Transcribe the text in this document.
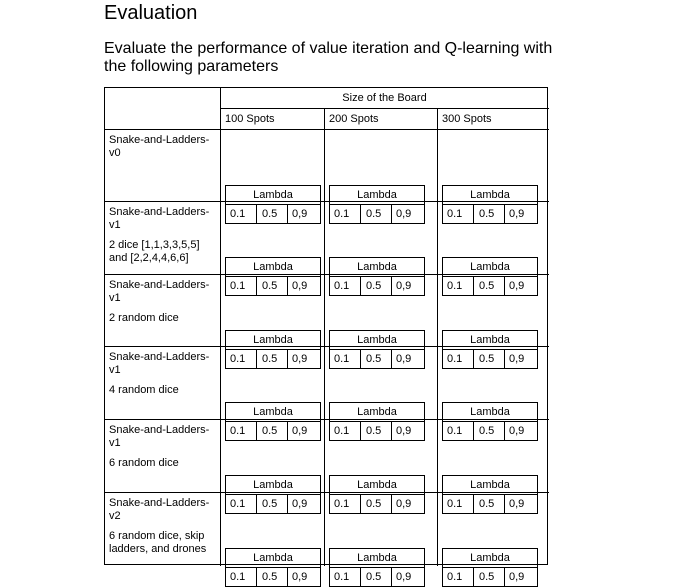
Evaluation
Evaluate the performance of value iteration and Q-learning with the following parameters
Size of the Board
100 Spots	200 Spots	300 Spots
Snake-and-Ladders-
v0
Lambda
0.1 0.5 0,9
Lambda
0.1 0.5 0,9
Lambda
0.1 0.5 0,9
Snake-and-Ladders-
v1
2 dice [1,1,3,3,5,5]
and [2,2,4,4,6,6]
Lambda
0.1 0.5 0,9
Lambda
0.1 0.5 0,9
Lambda
0.1 0.5 0,9
Snake-and-Ladders-
v1
2 random dice
Lambda
0.1 0.5 0,9
Lambda
0.1 0.5 0,9
Lambda
0.1 0.5 0,9
Snake-and-Ladders-
v1
4 random dice
Lambda
0.1 0.5 0,9
Lambda
0.1 0.5 0,9
Lambda
0.1 0.5 0,9
Snake-and-Ladders-
v1
6 random dice
Lambda
0.1 0.5 0,9
Lambda
0.1 0.5 0,9
Lambda
0.1 0.5 0,9
Snake-and-Ladders-
v2
6 random dice, skip
ladders, and drones
Lambda
0.1 0.5 0,9
Lambda
0.1 0.5 0,9
Lambda
0.1 0.5 0,9
